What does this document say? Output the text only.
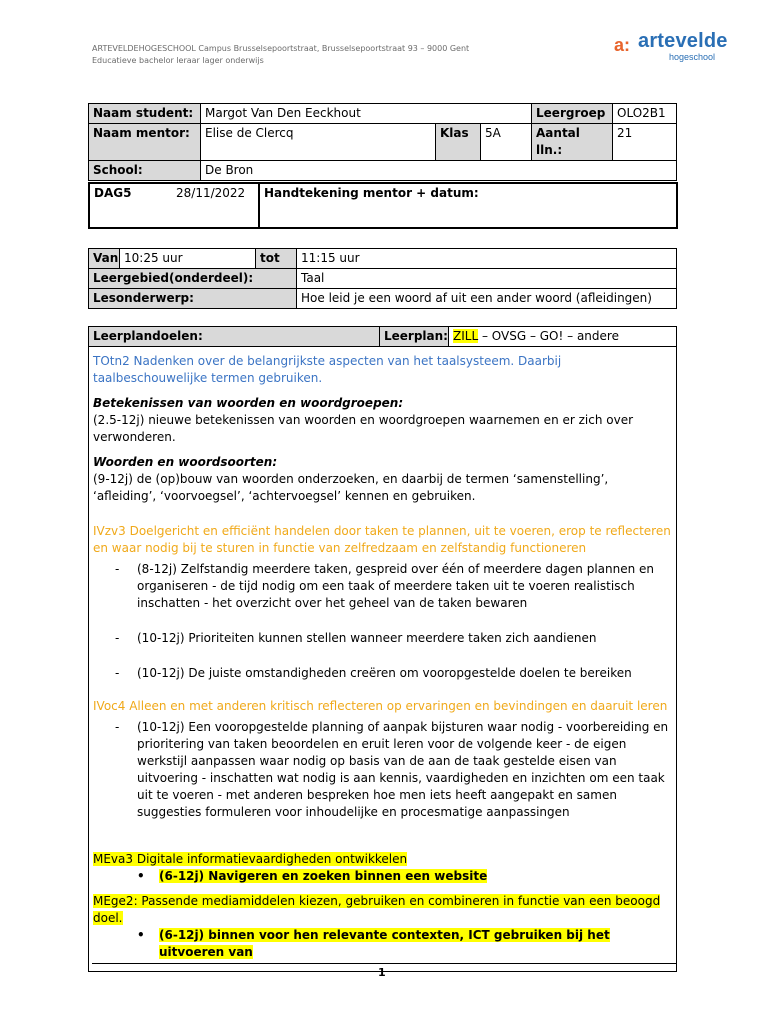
ARTEVELDEHOGESCHOOL Campus Brusselsepoortstraat, Brusselsepoortstraat 93 – 9000 Gent
Educatieve bachelor leraar lager onderwijs
a: artevelde
hogeschool
Naam student:	Margot Van Den Eeckhout			Leergroep	OLO2B1
Naam mentor:	Elise de Clercq	Klas	5A	Aantal lln.:	21
School:	De Bron				
DAG5	28/11/2022	Handtekening mentor + datum:
Van	10:25 uur	tot	11:15 uur
Leergebied(onderdeel):			Taal
Lesonderwerp:			Hoe leid je een woord af uit een ander woord (afleidingen)
Leerplandoelen:	Leerplan:	ZILL – OVSG – GO! – andere

TOtn2 Nadenken over de belangrijkste aspecten van het taalsysteem. Daarbij taalbeschouwelijke termen gebruiken.

Betekenissen van woorden en woordgroepen:

(2.5-12j) nieuwe betekenissen van woorden en woordgroepen waarnemen en er zich over verwonderen.

Woorden en woordsoorten:

(9-12j) de (op)bouw van woorden onderzoeken, en daarbij de termen ‘samenstelling’, ‘afleiding’, ‘voorvoegsel’, ‘achtervoegsel’ kennen en gebruiken.

IVzv3 Doelgericht en efficiënt handelen door taken te plannen, uit te voeren, erop te reflecteren en waar nodig bij te sturen in functie van zelfredzaam en zelfstandig functioneren

- (8-12j) Zelfstandig meerdere taken, gespreid over één of meerdere dagen plannen en organiseren - de tijd nodig om een taak of meerdere taken uit te voeren realistisch inschatten - het overzicht over het geheel van de taken bewaren
- (10-12j) Prioriteiten kunnen stellen wanneer meerdere taken zich aandienen
- (10-12j) De juiste omstandigheden creëren om vooropgestelde doelen te bereiken

IVoc4 Alleen en met anderen kritisch reflecteren op ervaringen en bevindingen en daaruit leren

- (10-12j) Een vooropgestelde planning of aanpak bijsturen waar nodig - voorbereiding en prioritering van taken beoordelen en eruit leren voor de volgende keer - de eigen werkstijl aanpassen waar nodig op basis van de aan de taak gestelde eisen van uitvoering - inschatten wat nodig is aan kennis, vaardigheden en inzichten om een taak uit te voeren - met anderen bespreken hoe men iets heeft aangepakt en samen suggesties formuleren voor inhoudelijke en procesmatige aanpassingen

MEva3 Digitale informatievaardigheden ontwikkelen

• (6-12j) Navigeren en zoeken binnen een website

MEge2: Passende mediamiddelen kiezen, gebruiken en combineren in functie van een beoogd doel.

• (6-12j) binnen voor hen relevante contexten, ICT gebruiken bij het uitvoeren van
1
